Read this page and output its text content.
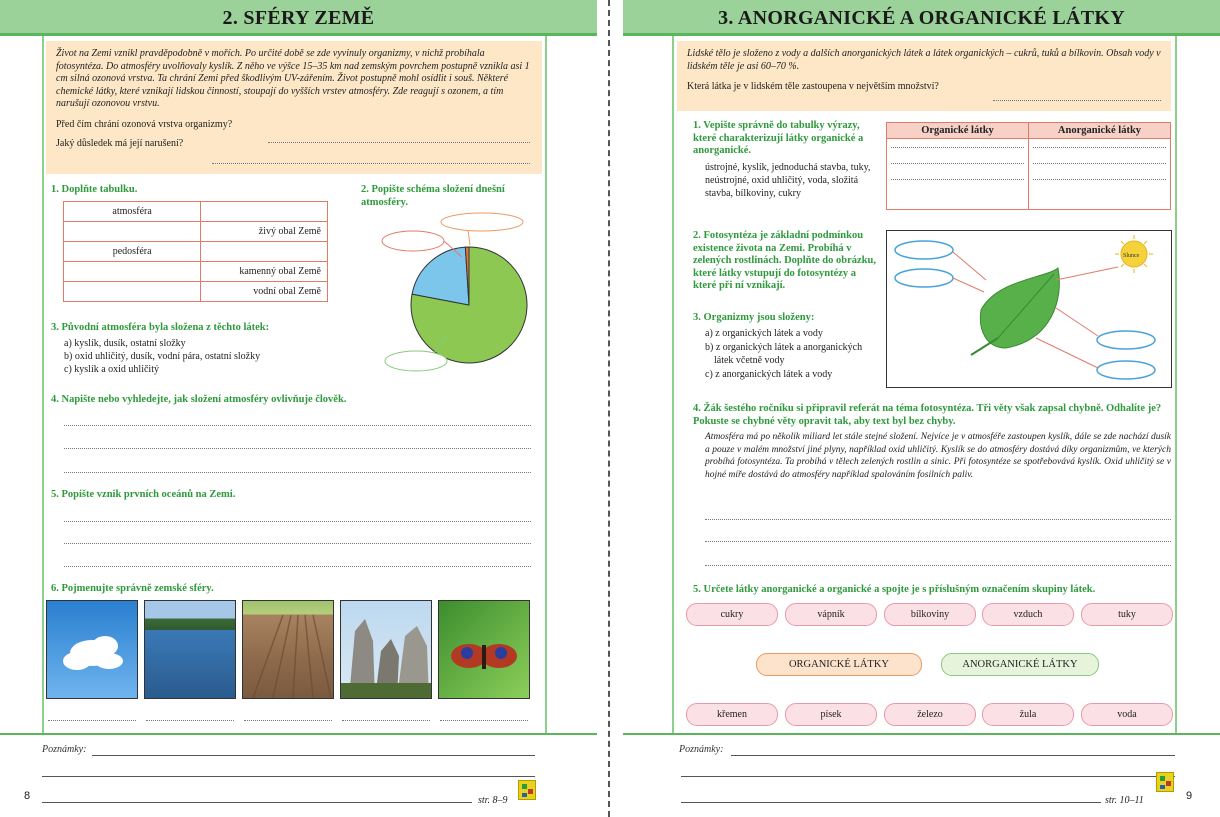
2. SFÉRY ZEMĚ

Život na Zemi vznikl pravděpodobně v mořích. Po určité době se zde vyvinuly organizmy, v nichž probíhala fotosyntéza. Do atmosféry uvolňovaly kyslík. Z něho ve výšce 15–35 km nad zemským povrchem postupně vznikla asi 1 cm silná ozonová vrstva. Ta chrání Zemi před škodlivým UV-zářením. Život postupně mohl osídlit i souš. Některé chemické látky, které vznikají lidskou činností, stoupají do vyšších vrstev atmosféry. Zde reagují s ozonem, a tím narušují ozonovou vrstvu.

Před čím chrání ozonová vrstva organizmy?

Jaký důsledek má její narušení?

1. Doplňte tabulku.
atmosféra	
	živý obal Země
pedosféra	
	kamenný obal Země
	vodní obal Země
2. Popište schéma složení dnešní atmosféry.
3. Původní atmosféra byla složena z těchto látek:
a) kyslík, dusík, ostatní složky
b) oxid uhličitý, dusík, vodní pára, ostatní složky
c) kyslík a oxid uhličitý
4. Napište nebo vyhledejte, jak složení atmosféry ovlivňuje člověk.
5. Popište vznik prvních oceánů na Zemi.
6. Pojmenujte správně zemské sféry.
Poznámky:
8	str. 8–9
3. ANORGANICKÉ A ORGANICKÉ LÁTKY

Lidské tělo je složeno z vody a dalších anorganických látek a látek organických – cukrů, tuků a bílkovin. Obsah vody v lidském těle je asi 60–70 %.

Která látka je v lidském těle zastoupena v největším množství?

1. Vepište správně do tabulky výrazy, které charakterizují látky organické a anorganické.
ústrojné, kyslík, jednoduchá stavba, tuky, neústrojné, oxid uhličitý, voda, složitá stavba, bílkoviny, cukry
Organické látky	Anorganické látky

2. Fotosyntéza je základní podmínkou existence života na Zemi. Probíhá v zelených rostlinách. Doplňte do obrázku, které látky vstupují do fotosyntézy a které při ní vznikají.
Slunce
3. Organizmy jsou složeny:
a) z organických látek a vody
b) z organických látek a anorganických látek včetně vody
c) z anorganických látek a vody
4. Žák šestého ročníku si připravil referát na téma fotosyntéza. Tři věty však zapsal chybně. Odhalíte je? Pokuste se chybné věty opravit tak, aby text byl bez chyby.
Atmosféra má po několik miliard let stále stejné složení. Nejvíce je v atmosféře zastoupen kyslík, dále se zde nachází dusík a pouze v malém množství jiné plyny, například oxid uhličitý. Kyslík se do atmosféry dostává díky organizmům, ve kterých probíhá fotosyntéza. Ta probíhá v tělech zelených rostlin a sinic. Při fotosyntéze se spotřebovává kyslík. Oxid uhličitý se v hojné míře dostává do atmosféry například spalováním fosilních paliv.
5. Určete látky anorganické a organické a spojte je s příslušným označením skupiny látek.
cukry	vápník	bílkoviny	vzduch	tuky
ORGANICKÉ LÁTKY	ANORGANICKÉ LÁTKY
křemen	písek	železo	žula	voda
Poznámky:
str. 10–11	9
